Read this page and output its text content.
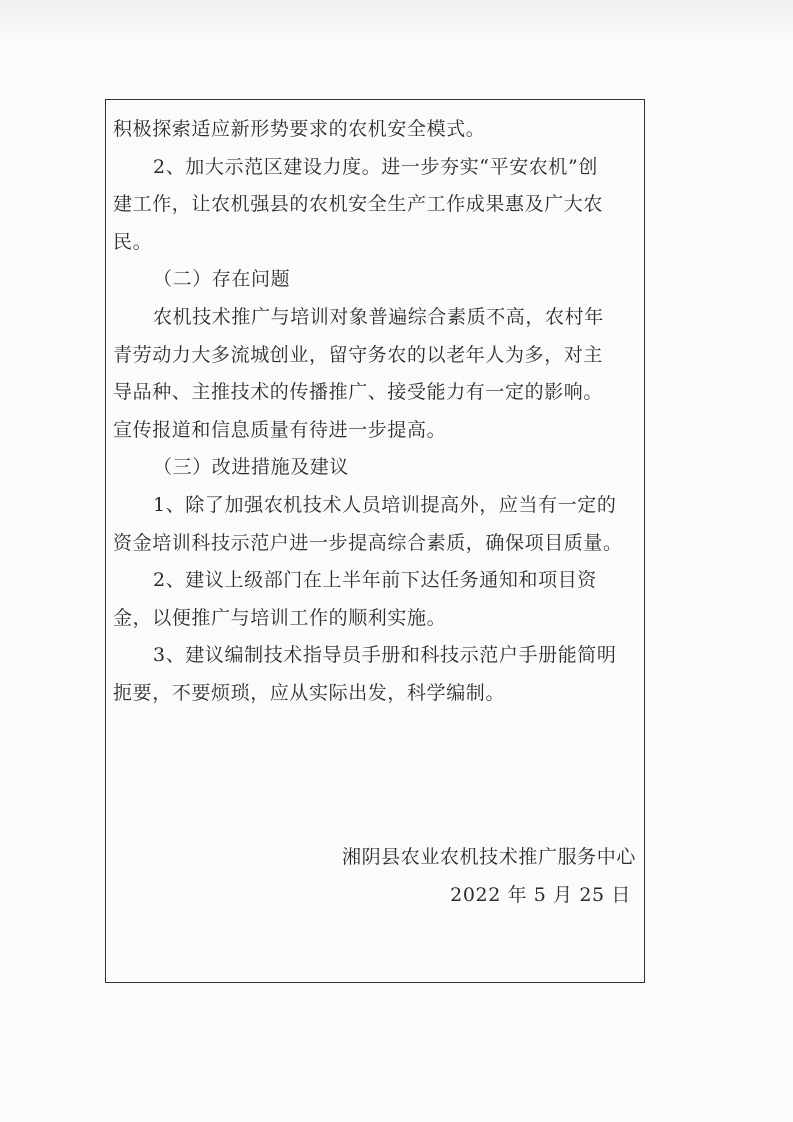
积极探索适应新形势要求的农机安全模式。

2、加大示范区建设力度。进一步夯实“平安农机”创

建工作，让农机强县的农机安全生产工作成果惠及广大农

民。

（二）存在问题

农机技术推广与培训对象普遍综合素质不高，农村年

青劳动力大多流城创业，留守务农的以老年人为多，对主

导品种、主推技术的传播推广、接受能力有一定的影响。

宣传报道和信息质量有待进一步提高。

（三）改进措施及建议

1、除了加强农机技术人员培训提高外，应当有一定的

资金培训科技示范户进一步提高综合素质，确保项目质量。

2、建议上级部门在上半年前下达任务通知和项目资

金，以便推广与培训工作的顺利实施。

3、建议编制技术指导员手册和科技示范户手册能简明

扼要，不要烦琐，应从实际出发，科学编制。

湘阴县农业农机技术推广服务中心
2022 年 5 月 25 日
